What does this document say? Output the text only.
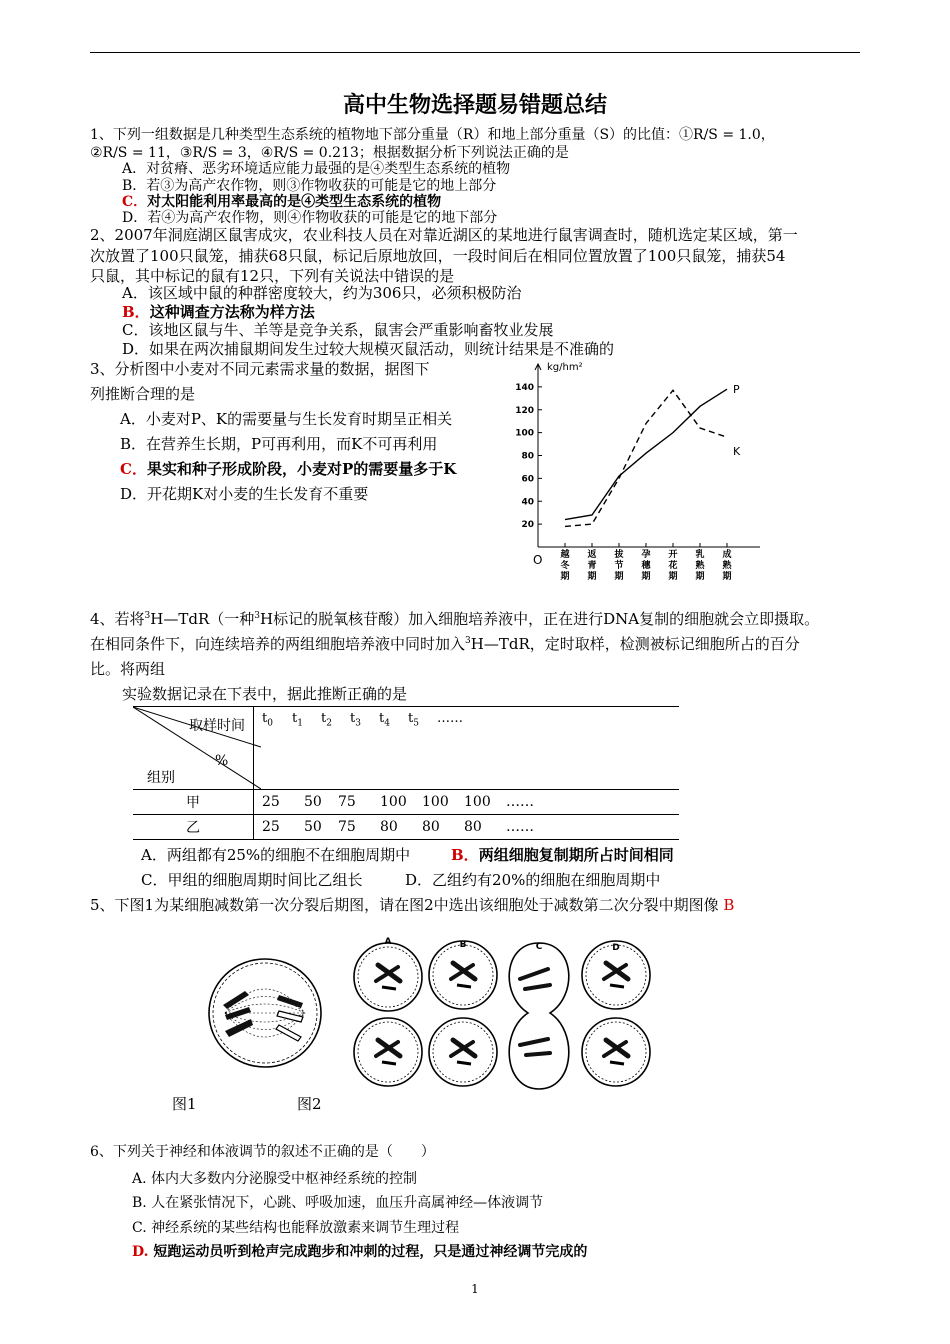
高中生物选择题易错题总结
1、下列一组数据是几种类型生态系统的植物地下部分重量（R）和地上部分重量（S）的比值：①R/S = 1.0，
②R/S = 11，③R/S = 3，④R/S = 0.213；根据数据分析下列说法正确的是
A．对贫瘠、恶劣环境适应能力最强的是④类型生态系统的植物
B．若③为高产农作物，则③作物收获的可能是它的地上部分
C．对太阳能利用率最高的是④类型生态系统的植物
D．若④为高产农作物，则④作物收获的可能是它的地下部分
2、2007年洞庭湖区鼠害成灾，农业科技人员在对靠近湖区的某地进行鼠害调查时，随机选定某区域，第一
次放置了100只鼠笼，捕获68只鼠，标记后原地放回，一段时间后在相同位置放置了100只鼠笼，捕获54
只鼠，其中标记的鼠有12只，下列有关说法中错误的是
A．该区域中鼠的种群密度较大，约为306只，必须积极防治
B．这种调查方法称为样方法
C．该地区鼠与牛、羊等是竞争关系，鼠害会严重影响畜牧业发展
D．如果在两次捕鼠期间发生过较大规模灭鼠活动，则统计结果是不准确的
3、分析图中小麦对不同元素需求量的数据，据图下
列推断合理的是
A．小麦对P、K的需要量与生长发育时期呈正相关
B．在营养生长期，P可再利用，而K不可再利用
C．果实和种子形成阶段，小麦对P的需要量多于K
D．开花期K对小麦的生长发育不重要
20
40
60
80
100
120
140
越冬期
返青期
拔节期
孕穗期
开花期
乳熟期
成熟期
P
K
kg/hm²
O
4、若将$^3$H—TdR（一种$^3$H标记的脱氧核苷酸）加入细胞培养液中，正在进行DNA复制的细胞就会立即摄取。
在相同条件下，向连续培养的两组细胞培养液中同时加入$^3$H—TdR，定时取样，检测被标记细胞所占的百分
比。将两组
实验数据记录在下表中，据此推断正确的是
取样时间
%
组别	$t_0$ $t_1$ $t_2$ $t_3$ $t_4$ $t_5$ ……
甲	25 50 75 100 100 100 ……
乙	25 50 75 80 80 80 ……
A．两组都有25%的细胞不在细胞周期中	B．两组细胞复制期所占时间相同
C．甲组的细胞周期时间比乙组长	D．乙组约有20%的细胞在细胞周期中
5、下图1为某细胞减数第一次分裂后期图，请在图2中选出该细胞处于减数第二次分裂中期图像 B
A	B	C	D
图1	图2
6、下列关于神经和体液调节的叙述不正确的是（　　）
A. 体内大多数内分泌腺受中枢神经系统的控制
B. 人在紧张情况下，心跳、呼吸加速，血压升高属神经—体液调节
C. 神经系统的某些结构也能释放激素来调节生理过程
D. 短跑运动员听到枪声完成跑步和冲刺的过程，只是通过神经调节完成的
1
